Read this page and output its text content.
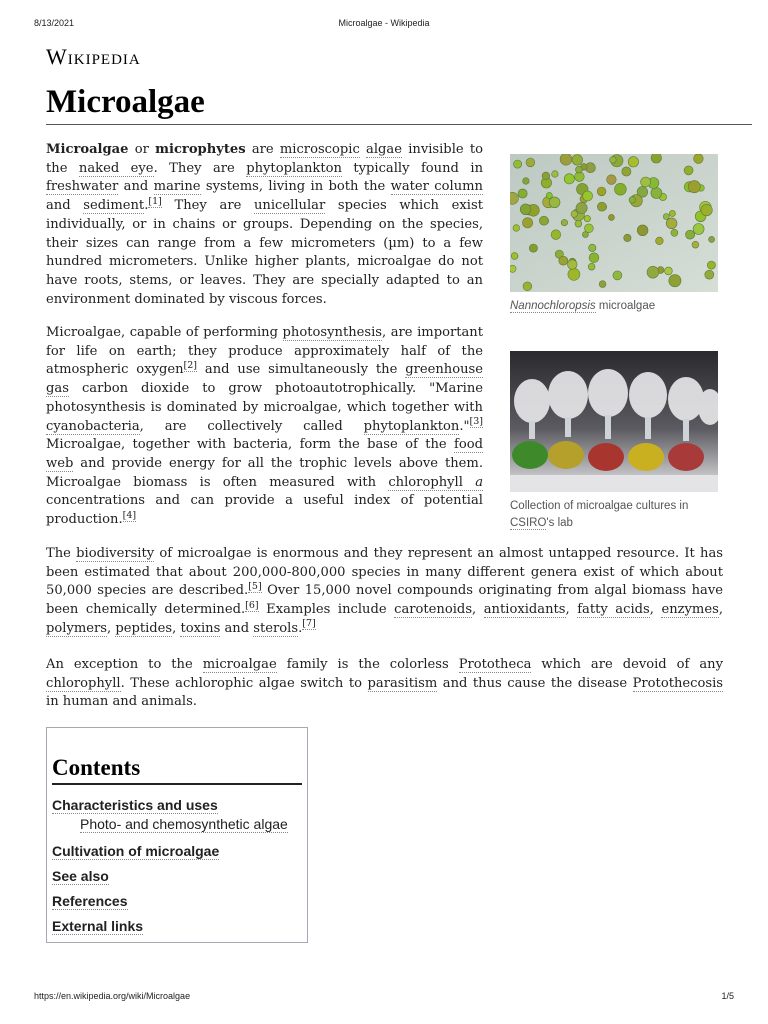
8/13/2021	Microalgae - Wikipedia
Wikipedia
Microalgae

Microalgae or microphytes are microscopic algae invisible to the naked eye. They are phytoplankton typically found in freshwater and marine systems, living in both the water column and sediment.[1] They are unicellular species which exist individually, or in chains or groups. Depending on the species, their sizes can range from a few micrometers (µm) to a few hundred micrometers. Unlike higher plants, microalgae do not have roots, stems, or leaves. They are specially adapted to an environment dominated by viscous forces.

Microalgae, capable of performing photosynthesis, are important for life on earth; they produce approximately half of the atmospheric oxygen[2] and use simultaneously the greenhouse gas carbon dioxide to grow photoautotrophically. "Marine photosynthesis is dominated by microalgae, which together with cyanobacteria, are collectively called phytoplankton."[3] Microalgae, together with bacteria, form the base of the food web and provide energy for all the trophic levels above them. Microalgae biomass is often measured with chlorophyll a concentrations and can provide a useful index of potential production.[4]

The biodiversity of microalgae is enormous and they represent an almost untapped resource. It has been estimated that about 200,000-800,000 species in many different genera exist of which about 50,000 species are described.[5] Over 15,000 novel compounds originating from algal biomass have been chemically determined.[6] Examples include carotenoids, antioxidants, fatty acids, enzymes, polymers, peptides, toxins and sterols.[7]

An exception to the microalgae family is the colorless Prototheca which are devoid of any chlorophyll. These achlorophic algae switch to parasitism and thus cause the disease Protothecosis in human and animals.

Nannochloropsis microalgae
Collection of microalgae cultures in CSIRO's lab
Contents
Characteristics and uses
Photo- and chemosynthetic algae
Cultivation of microalgae
See also
References
External links
https://en.wikipedia.org/wiki/Microalgae	1/5
